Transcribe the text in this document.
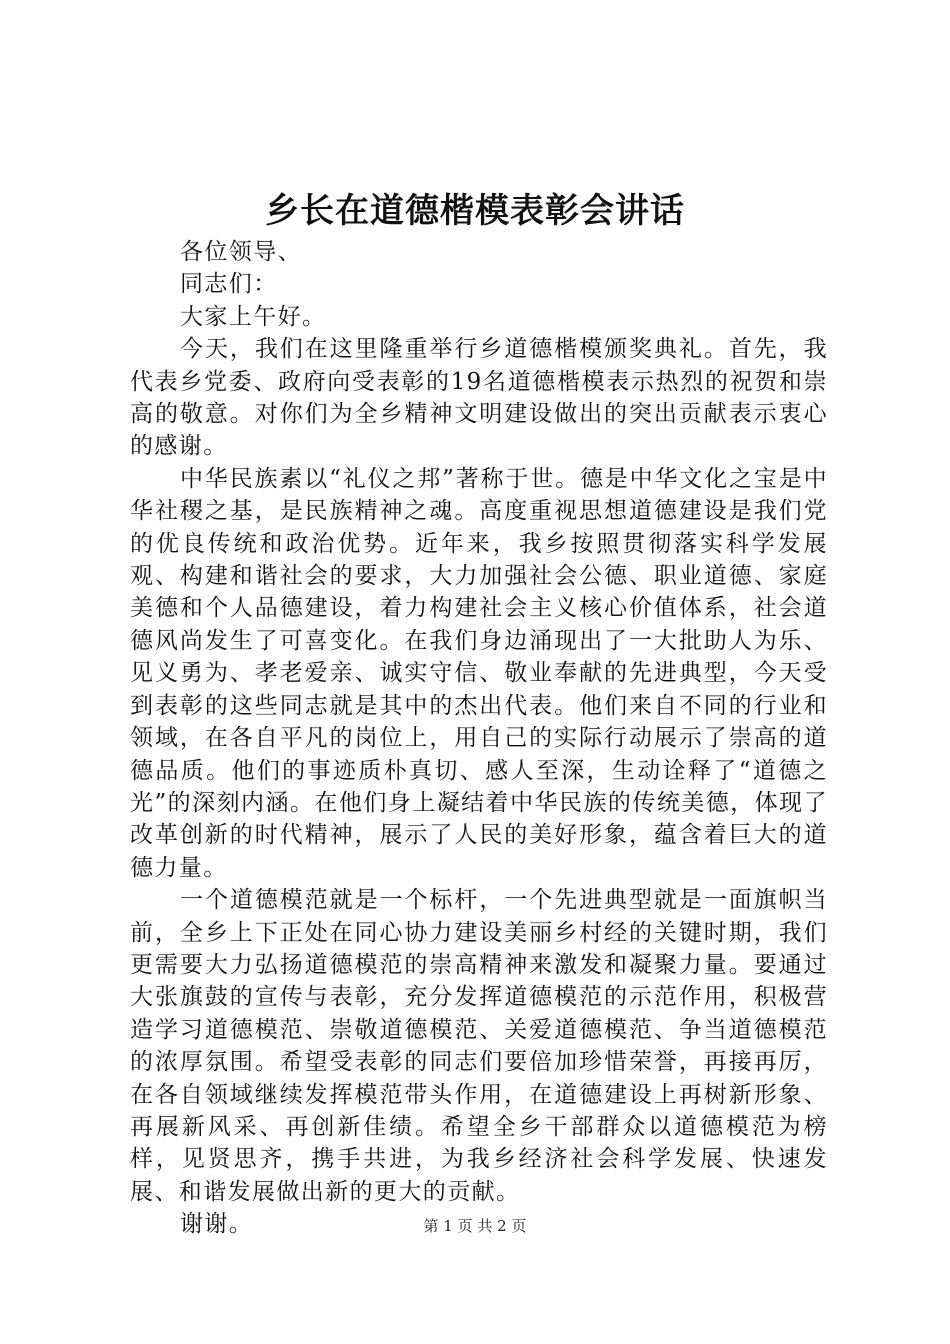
乡长在道德楷模表彰会讲话

各位领导、

同志们：

大家上午好。

今天，我们在这里隆重举行乡道德楷模颁奖典礼。首先，我代表乡党委、政府向受表彰的19名道德楷模表示热烈的祝贺和崇高的敬意。对你们为全乡精神文明建设做出的突出贡献表示衷心的感谢。

中华民族素以“礼仪之邦”著称于世。德是中华文化之宝是中华社稷之基，是民族精神之魂。高度重视思想道德建设是我们党的优良传统和政治优势。近年来，我乡按照贯彻落实科学发展观、构建和谐社会的要求，大力加强社会公德、职业道德、家庭美德和个人品德建设，着力构建社会主义核心价值体系，社会道德风尚发生了可喜变化。在我们身边涌现出了一大批助人为乐、见义勇为、孝老爱亲、诚实守信、敬业奉献的先进典型，今天受到表彰的这些同志就是其中的杰出代表。他们来自不同的行业和领域，在各自平凡的岗位上，用自己的实际行动展示了崇高的道德品质。他们的事迹质朴真切、感人至深，生动诠释了“道德之光”的深刻内涵。在他们身上凝结着中华民族的传统美德，体现了改革创新的时代精神，展示了人民的美好形象，蕴含着巨大的道德力量。

一个道德模范就是一个标杆，一个先进典型就是一面旗帜当前，全乡上下正处在同心协力建设美丽乡村经的关键时期，我们更需要大力弘扬道德模范的崇高精神来激发和凝聚力量。要通过大张旗鼓的宣传与表彰，充分发挥道德模范的示范作用，积极营造学习道德模范、崇敬道德模范、关爱道德模范、争当道德模范的浓厚氛围。希望受表彰的同志们要倍加珍惜荣誉，再接再厉，在各自领域继续发挥模范带头作用，在道德建设上再树新形象、再展新风采、再创新佳绩。希望全乡干部群众以道德模范为榜样，见贤思齐，携手共进，为我乡经济社会科学发展、快速发展、和谐发展做出新的更大的贡献。

谢谢。	第 1 页 共 2 页
